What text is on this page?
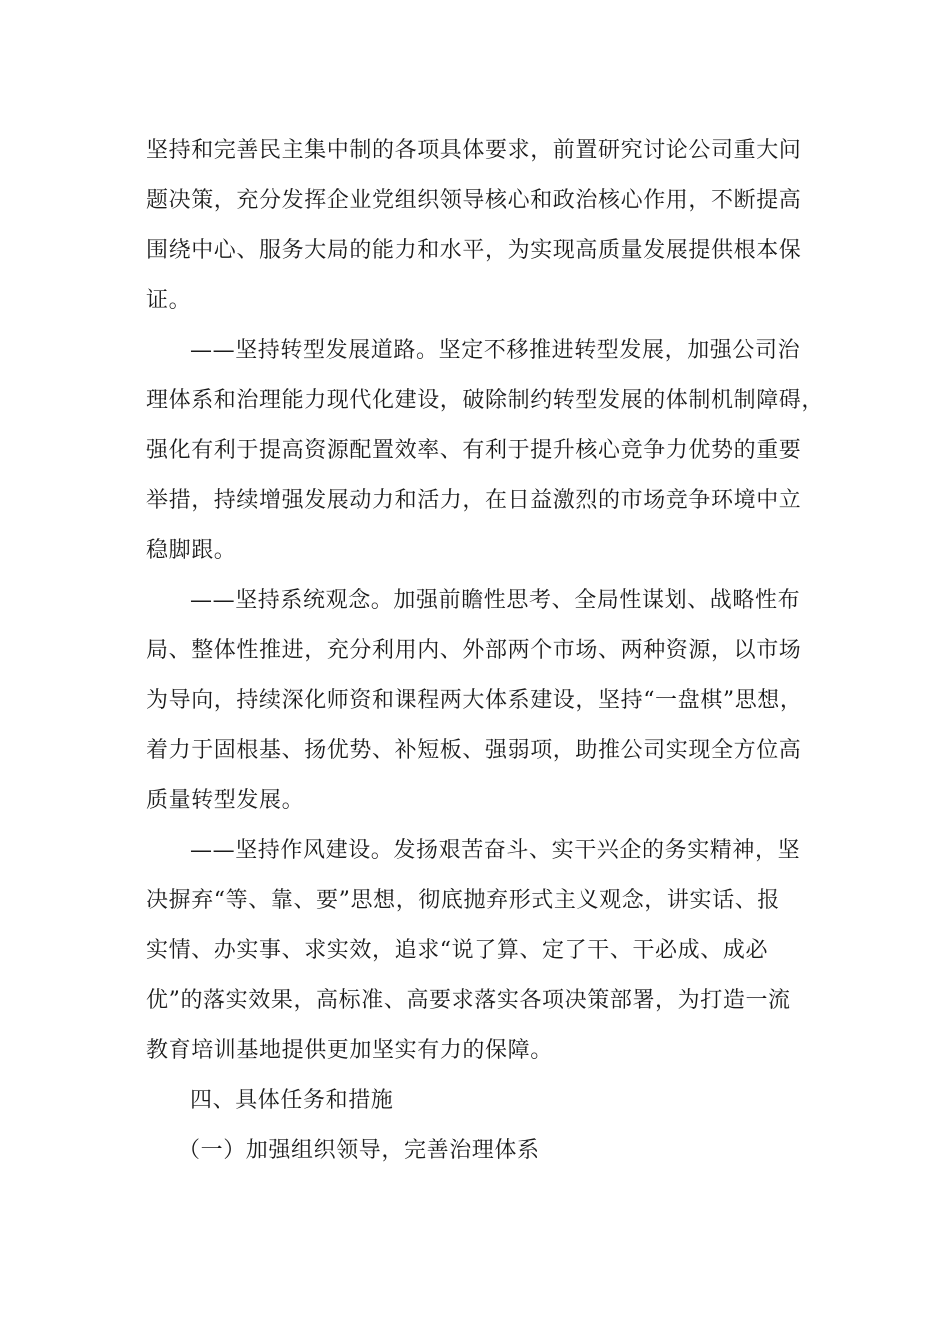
坚持和完善民主集中制的各项具体要求，前置研究讨论公司重大问
题决策，充分发挥企业党组织领导核心和政治核心作用，不断提高
围绕中心、服务大局的能力和水平，为实现高质量发展提供根本保
证。
——坚持转型发展道路。坚定不移推进转型发展，加强公司治
理体系和治理能力现代化建设，破除制约转型发展的体制机制障碍，
强化有利于提高资源配置效率、有利于提升核心竞争力优势的重要
举措，持续增强发展动力和活力，在日益激烈的市场竞争环境中立
稳脚跟。
——坚持系统观念。加强前瞻性思考、全局性谋划、战略性布
局、整体性推进，充分利用内、外部两个市场、两种资源，以市场
为导向，持续深化师资和课程两大体系建设，坚持“一盘棋”思想，
着力于固根基、扬优势、补短板、强弱项，助推公司实现全方位高
质量转型发展。
——坚持作风建设。发扬艰苦奋斗、实干兴企的务实精神，坚
决摒弃“等、靠、要”思想，彻底抛弃形式主义观念，讲实话、报
实情、办实事、求实效，追求“说了算、定了干、干必成、成必
优”的落实效果，高标准、高要求落实各项决策部署，为打造一流
教育培训基地提供更加坚实有力的保障。
四、具体任务和措施
（一）加强组织领导，完善治理体系
